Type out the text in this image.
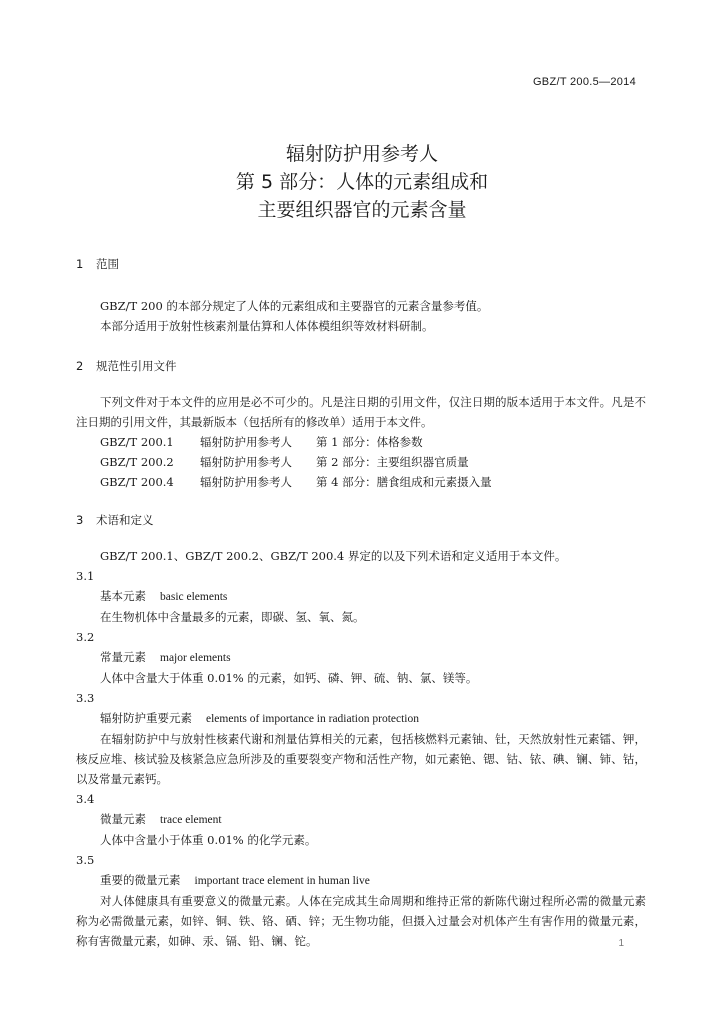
GBZ/T 200.5—2014
辐射防护用参考人
第 5 部分：人体的元素组成和
主要组织器官的元素含量
1 范围
GBZ/T 200 的本部分规定了人体的元素组成和主要器官的元素含量参考值。
本部分适用于放射性核素剂量估算和人体体模组织等效材料研制。
2 规范性引用文件
下列文件对于本文件的应用是必不可少的。凡是注日期的引用文件，仅注日期的版本适用于本文件。凡是不注日期的引用文件，其最新版本（包括所有的修改单）适用于本文件。
GBZ/T 200.1 辐射防护用参考人 第 1 部分：体格参数
GBZ/T 200.2 辐射防护用参考人 第 2 部分：主要组织器官质量
GBZ/T 200.4 辐射防护用参考人 第 4 部分：膳食组成和元素摄入量
3 术语和定义
GBZ/T 200.1、GBZ/T 200.2、GBZ/T 200.4 界定的以及下列术语和定义适用于本文件。
3.1
基本元素 basic elements
在生物机体中含量最多的元素，即碳、氢、氧、氮。
3.2
常量元素 major elements
人体中含量大于体重 0.01% 的元素，如钙、磷、钾、硫、钠、氯、镁等。
3.3
辐射防护重要元素 elements of importance in radiation protection
在辐射防护中与放射性核素代谢和剂量估算相关的元素，包括核燃料元素铀、钍，天然放射性元素镭、钾，核反应堆、核试验及核紧急应急所涉及的重要裂变产物和活性产物，如元素铯、锶、钴、铱、碘、镧、铈、钴，以及常量元素钙。
3.4
微量元素 trace element
人体中含量小于体重 0.01% 的化学元素。
3.5
重要的微量元素 important trace element in human live
对人体健康具有重要意义的微量元素。人体在完成其生命周期和维持正常的新陈代谢过程所必需的微量元素称为必需微量元素，如锌、铜、铁、铬、硒、锌；无生物功能，但摄入过量会对机体产生有害作用的微量元素，称有害微量元素，如砷、汞、镉、铅、镧、铊。	1
